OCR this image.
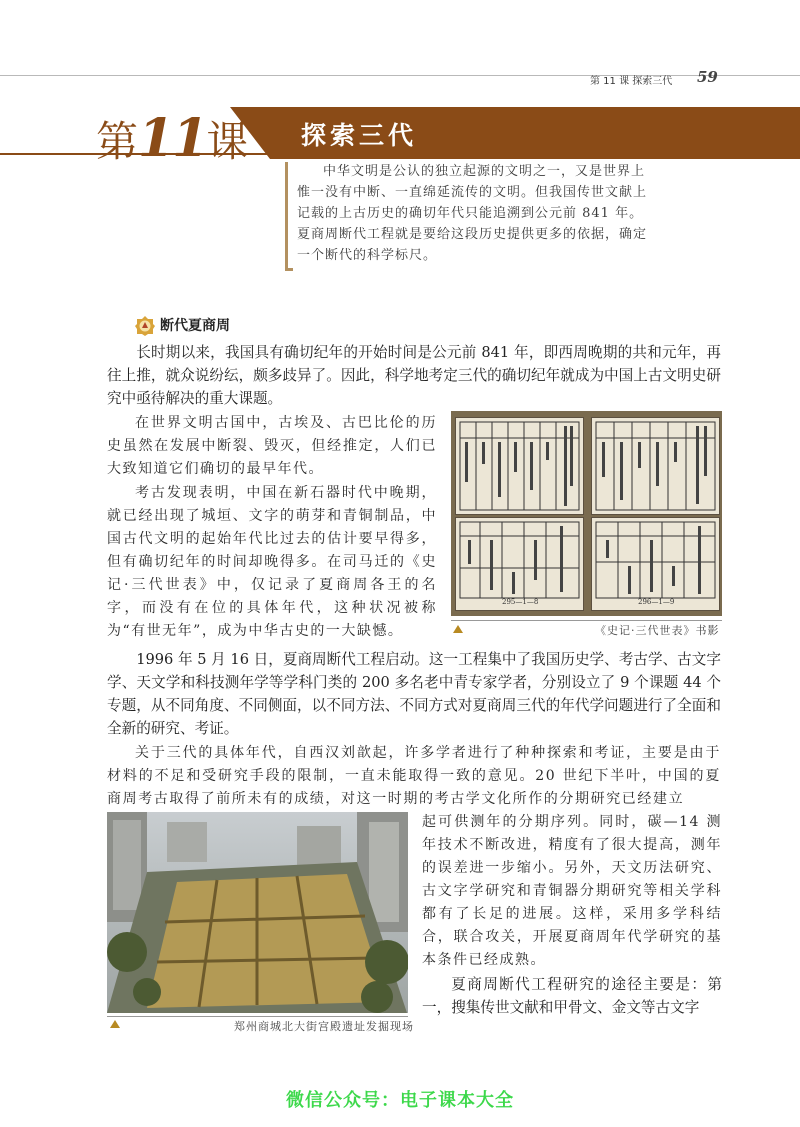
第 11 课 探索三代 59
第11课 探索三代
中华文明是公认的独立起源的文明之一，又是世界上惟一没有中断、一直绵延流传的文明。但我国传世文献上记载的上古历史的确切年代只能追溯到公元前 841 年。夏商周断代工程就是要给这段历史提供更多的依据，确定一个断代的科学标尺。
断代夏商周
长时期以来，我国具有确切纪年的开始时间是公元前 841 年，即西周晚期的共和元年，再往上推，就众说纷纭，颇多歧异了。因此，科学地考定三代的确切纪年就成为中国上古文明史研究中亟待解决的重大课题。
在世界文明古国中，古埃及、古巴比伦的历史虽然在发展中断裂、毁灭，但经推定，人们已大致知道它们确切的最早年代。
考古发现表明，中国在新石器时代中晚期，就已经出现了城垣、文字的萌芽和青铜制品，中国古代文明的起始年代比过去的估计要早得多，但有确切纪年的时间却晚得多。在司马迁的《史记·三代世表》中，仅记录了夏商周各王的名字，而没有在位的具体年代，这种状况被称为“有世无年”，成为中华古史的一大缺憾。
295—1—8	296—1—9
《史记·三代世表》书影
1996 年 5 月 16 日，夏商周断代工程启动。这一工程集中了我国历史学、考古学、古文字学、天文学和科技测年学等学科门类的 200 多名老中青专家学者，分别设立了 9 个课题 44 个专题，从不同角度、不同侧面，以不同方法、不同方式对夏商周三代的年代学问题进行了全面和全新的研究、考证。
关于三代的具体年代，自西汉刘歆起，许多学者进行了种种探索和考证，主要是由于材料的不足和受研究手段的限制，一直未能取得一致的意见。20 世纪下半叶，中国的夏商周考古取得了前所未有的成绩，对这一时期的考古学文化所作的分期研究已经建立
郑州商城北大街宫殿遗址发掘现场
起可供测年的分期序列。同时，碳—14 测年技术不断改进，精度有了很大提高，测年的误差进一步缩小。另外，天文历法研究、古文字学研究和青铜器分期研究等相关学科都有了长足的进展。这样，采用多学科结合，联合攻关，开展夏商周年代学研究的基本条件已经成熟。
夏商周断代工程研究的途径主要是：第一，搜集传世文献和甲骨文、金文等古文字
微信公众号：电子课本大全
